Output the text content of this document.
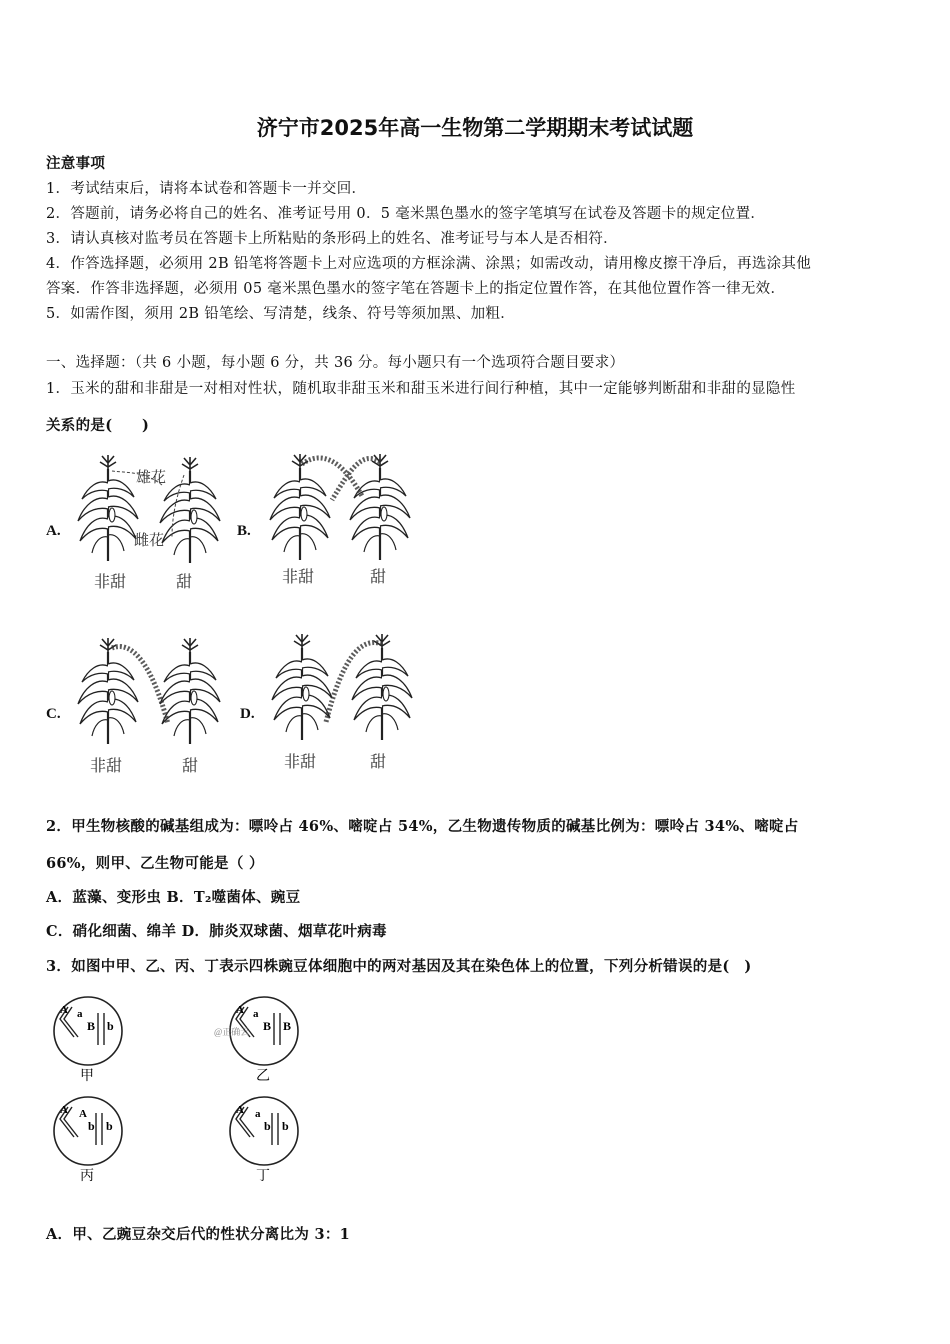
济宁市2025年高一生物第二学期期末考试试题
注意事项
1．考试结束后，请将本试卷和答题卡一并交回．
2．答题前，请务必将自己的姓名、准考证号用 0．5 毫米黑色墨水的签字笔填写在试卷及答题卡的规定位置．
3．请认真核对监考员在答题卡上所粘贴的条形码上的姓名、准考证号与本人是否相符．
4．作答选择题，必须用 2B 铅笔将答题卡上对应选项的方框涂满、涂黑；如需改动，请用橡皮擦干净后，再选涂其他
答案．作答非选择题，必须用 05 毫米黑色墨水的签字笔在答题卡上的指定位置作答，在其他位置作答一律无效．
5．如需作图，须用 2B 铅笔绘、写清楚，线条、符号等须加黑、加粗．
一、选择题：（共 6 小题，每小题 6 分，共 36 分。每小题只有一个选项符合题目要求）
1．玉米的甜和非甜是一对相对性状，随机取非甜玉米和甜玉米进行间行种植，其中一定能够判断甜和非甜的显隐性
关系的是(　　)
A.
雄花
雌花
非甜	甜
B.
非甜	甜
C.
非甜	甜
D.
非甜	甜
2．甲生物核酸的碱基组成为：嘌呤占 46%、嘧啶占 54%，乙生物遗传物质的碱基比例为：嘌呤占 34%、嘧啶占
66%，则甲、乙生物可能是（ ）
A．蓝藻、变形虫 B．T₂噬菌体、豌豆
C．硝化细菌、绵羊 D．肺炎双球菌、烟草花叶病毒
3．如图中甲、乙、丙、丁表示四株豌豆体细胞中的两对基因及其在染色体上的位置，下列分析错误的是(　)
A a
B b
甲
A a
B B
@正确云
乙
A A
b b
丙
A a
b b
丁
A．甲、乙豌豆杂交后代的性状分离比为 3：1
